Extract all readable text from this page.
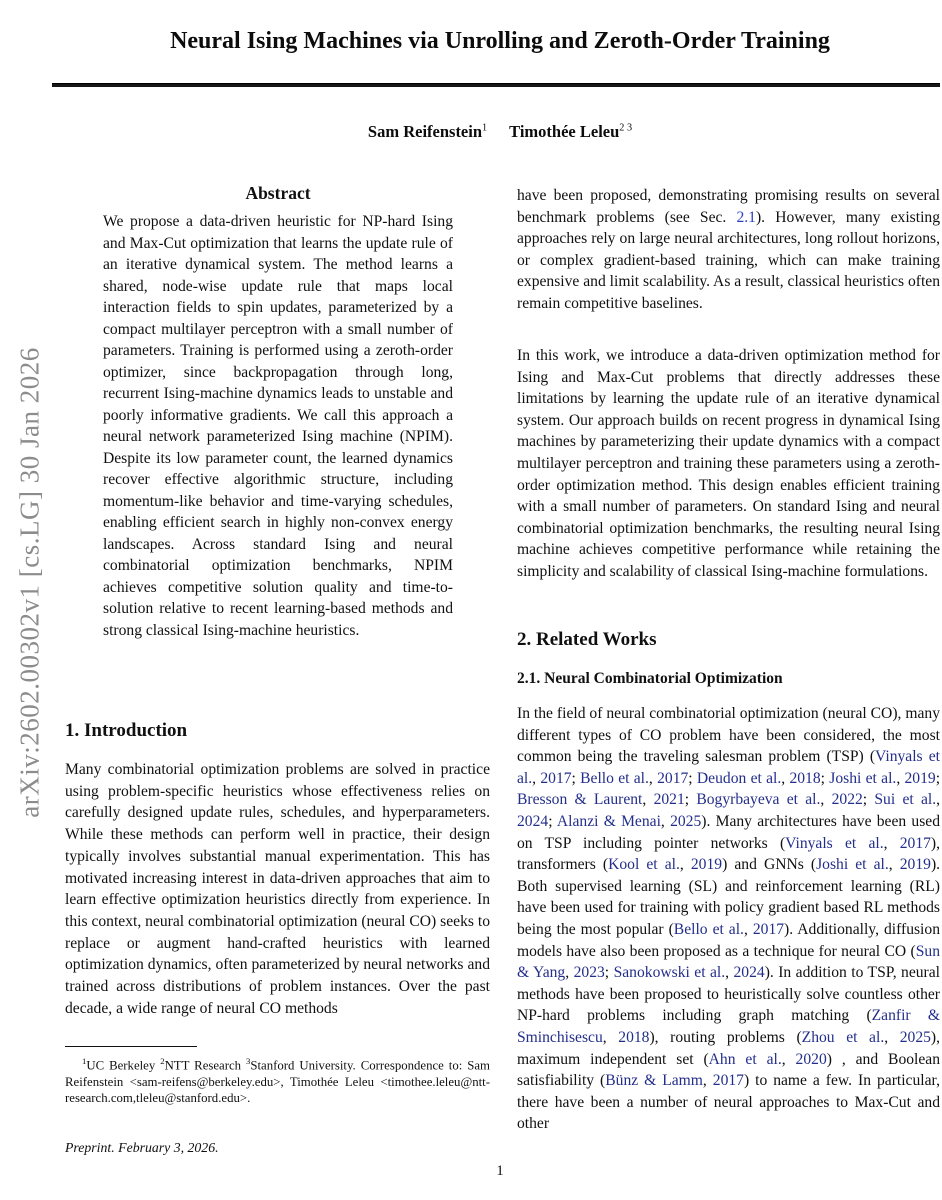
arXiv:2602.00302v1 [cs.LG] 30 Jan 2026
Neural Ising Machines via Unrolling and Zeroth-Order Training
Sam Reifenstein$^1$ Timothée Leleu$^{2 3}$
Abstract
We propose a data-driven heuristic for NP-hard Ising and Max-Cut optimization that learns the update rule of an iterative dynamical system. The method learns a shared, node-wise update rule that maps local interaction fields to spin updates, parameterized by a compact multilayer perceptron with a small number of parameters. Training is performed using a zeroth-order optimizer, since backpropagation through long, recurrent Ising-machine dynamics leads to unstable and poorly informative gradients. We call this approach a neural network parameterized Ising machine (NPIM). Despite its low parameter count, the learned dynamics recover effective algorithmic structure, including momentum-like behavior and time-varying schedules, enabling efficient search in highly non-convex energy landscapes. Across standard Ising and neural combinatorial optimization benchmarks, NPIM achieves competitive solution quality and time-to-solution relative to recent learning-based methods and strong classical Ising-machine heuristics.
1. Introduction
Many combinatorial optimization problems are solved in practice using problem-specific heuristics whose effectiveness relies on carefully designed update rules, schedules, and hyperparameters. While these methods can perform well in practice, their design typically involves substantial manual experimentation. This has motivated increasing interest in data-driven approaches that aim to learn effective optimization heuristics directly from experience. In this context, neural combinatorial optimization (neural CO) seeks to replace or augment hand-crafted heuristics with learned optimization dynamics, often parameterized by neural networks and trained across distributions of problem instances. Over the past decade, a wide range of neural CO methods
$^1$UC Berkeley $^2$NTT Research $^3$Stanford University. Correspondence to: Sam Reifenstein <sam-reifens@berkeley.edu>, Timothée Leleu <timothee.leleu@ntt-research.com,tleleu@stanford.edu>.
Preprint. February 3, 2026.
have been proposed, demonstrating promising results on several benchmark problems (see Sec. 2.1). However, many existing approaches rely on large neural architectures, long rollout horizons, or complex gradient-based training, which can make training expensive and limit scalability. As a result, classical heuristics often remain competitive baselines.
In this work, we introduce a data-driven optimization method for Ising and Max-Cut problems that directly addresses these limitations by learning the update rule of an iterative dynamical system. Our approach builds on recent progress in dynamical Ising machines by parameterizing their update dynamics with a compact multilayer perceptron and training these parameters using a zeroth-order optimization method. This design enables efficient training with a small number of parameters. On standard Ising and neural combinatorial optimization benchmarks, the resulting neural Ising machine achieves competitive performance while retaining the simplicity and scalability of classical Ising-machine formulations.
2. Related Works
2.1. Neural Combinatorial Optimization
In the field of neural combinatorial optimization (neural CO), many different types of CO problem have been considered, the most common being the traveling salesman problem (TSP) (Vinyals et al., 2017; Bello et al., 2017; Deudon et al., 2018; Joshi et al., 2019; Bresson & Laurent, 2021; Bogyrbayeva et al., 2022; Sui et al., 2024; Alanzi & Menai, 2025). Many architectures have been used on TSP including pointer networks (Vinyals et al., 2017), transformers (Kool et al., 2019) and GNNs (Joshi et al., 2019). Both supervised learning (SL) and reinforcement learning (RL) have been used for training with policy gradient based RL methods being the most popular (Bello et al., 2017). Additionally, diffusion models have also been proposed as a technique for neural CO (Sun & Yang, 2023; Sanokowski et al., 2024). In addition to TSP, neural methods have been proposed to heuristically solve countless other NP-hard problems including graph matching (Zanfir & Sminchisescu, 2018), routing problems (Zhou et al., 2025), maximum independent set (Ahn et al., 2020) , and Boolean satisfiability (Bünz & Lamm, 2017) to name a few. In particular, there have been a number of neural approaches to Max-Cut and other
1
